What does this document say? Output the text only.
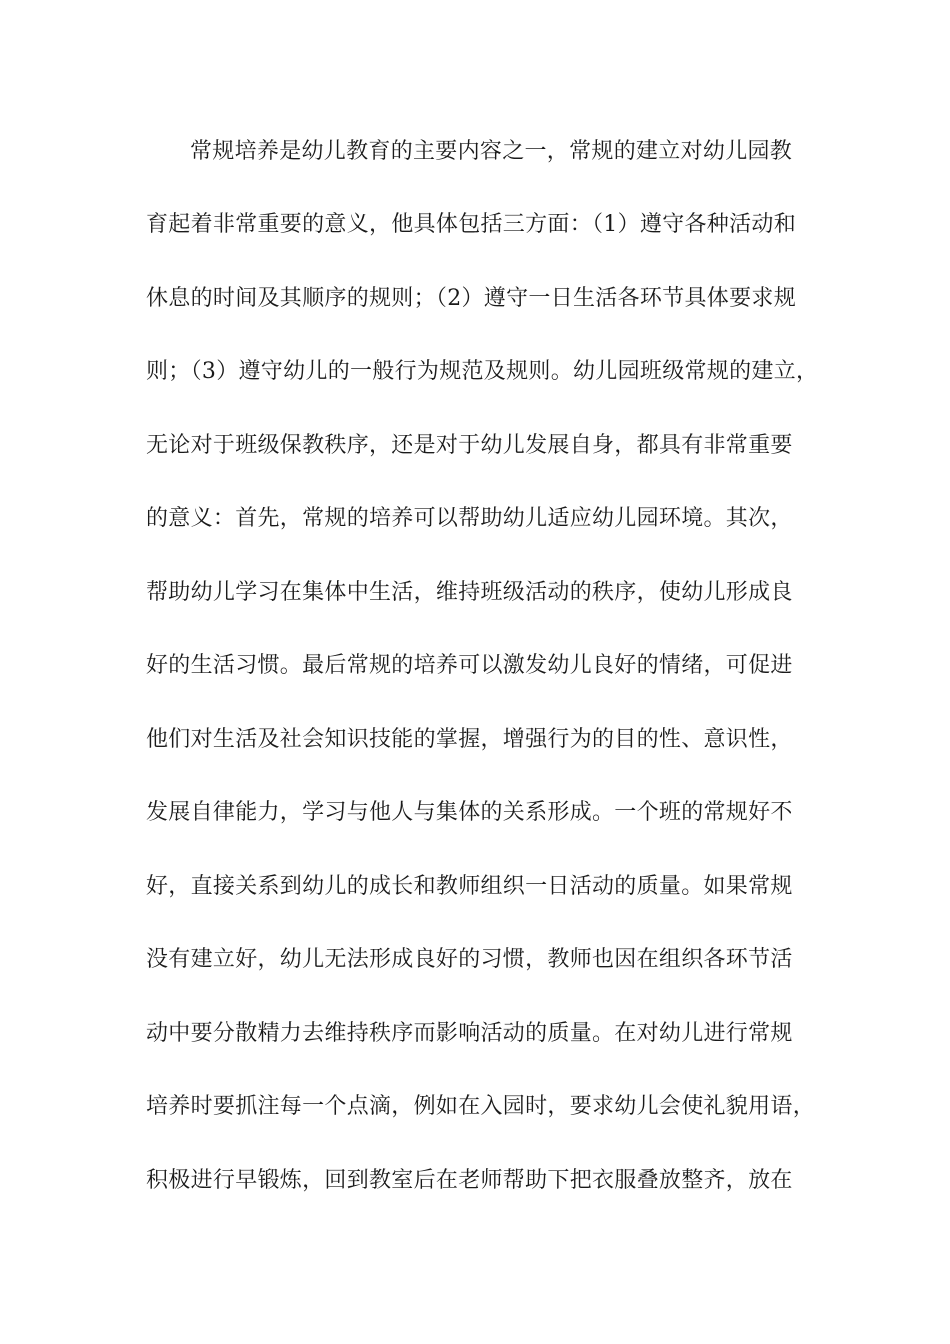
常规培养是幼儿教育的主要内容之一，常规的建立对幼儿园教
育起着非常重要的意义，他具体包括三方面：（1）遵守各种活动和
休息的时间及其顺序的规则；（2）遵守一日生活各环节具体要求规
则；（3）遵守幼儿的一般行为规范及规则。幼儿园班级常规的建立，
无论对于班级保教秩序，还是对于幼儿发展自身，都具有非常重要
的意义：首先，常规的培养可以帮助幼儿适应幼儿园环境。其次，
帮助幼儿学习在集体中生活，维持班级活动的秩序，使幼儿形成良
好的生活习惯。最后常规的培养可以激发幼儿良好的情绪，可促进
他们对生活及社会知识技能的掌握，增强行为的目的性、意识性，
发展自律能力，学习与他人与集体的关系形成。一个班的常规好不
好，直接关系到幼儿的成长和教师组织一日活动的质量。如果常规
没有建立好，幼儿无法形成良好的习惯，教师也因在组织各环节活
动中要分散精力去维持秩序而影响活动的质量。在对幼儿进行常规
培养时要抓注每一个点滴，例如在入园时，要求幼儿会使礼貌用语，
积极进行早锻炼，回到教室后在老师帮助下把衣服叠放整齐，放在
